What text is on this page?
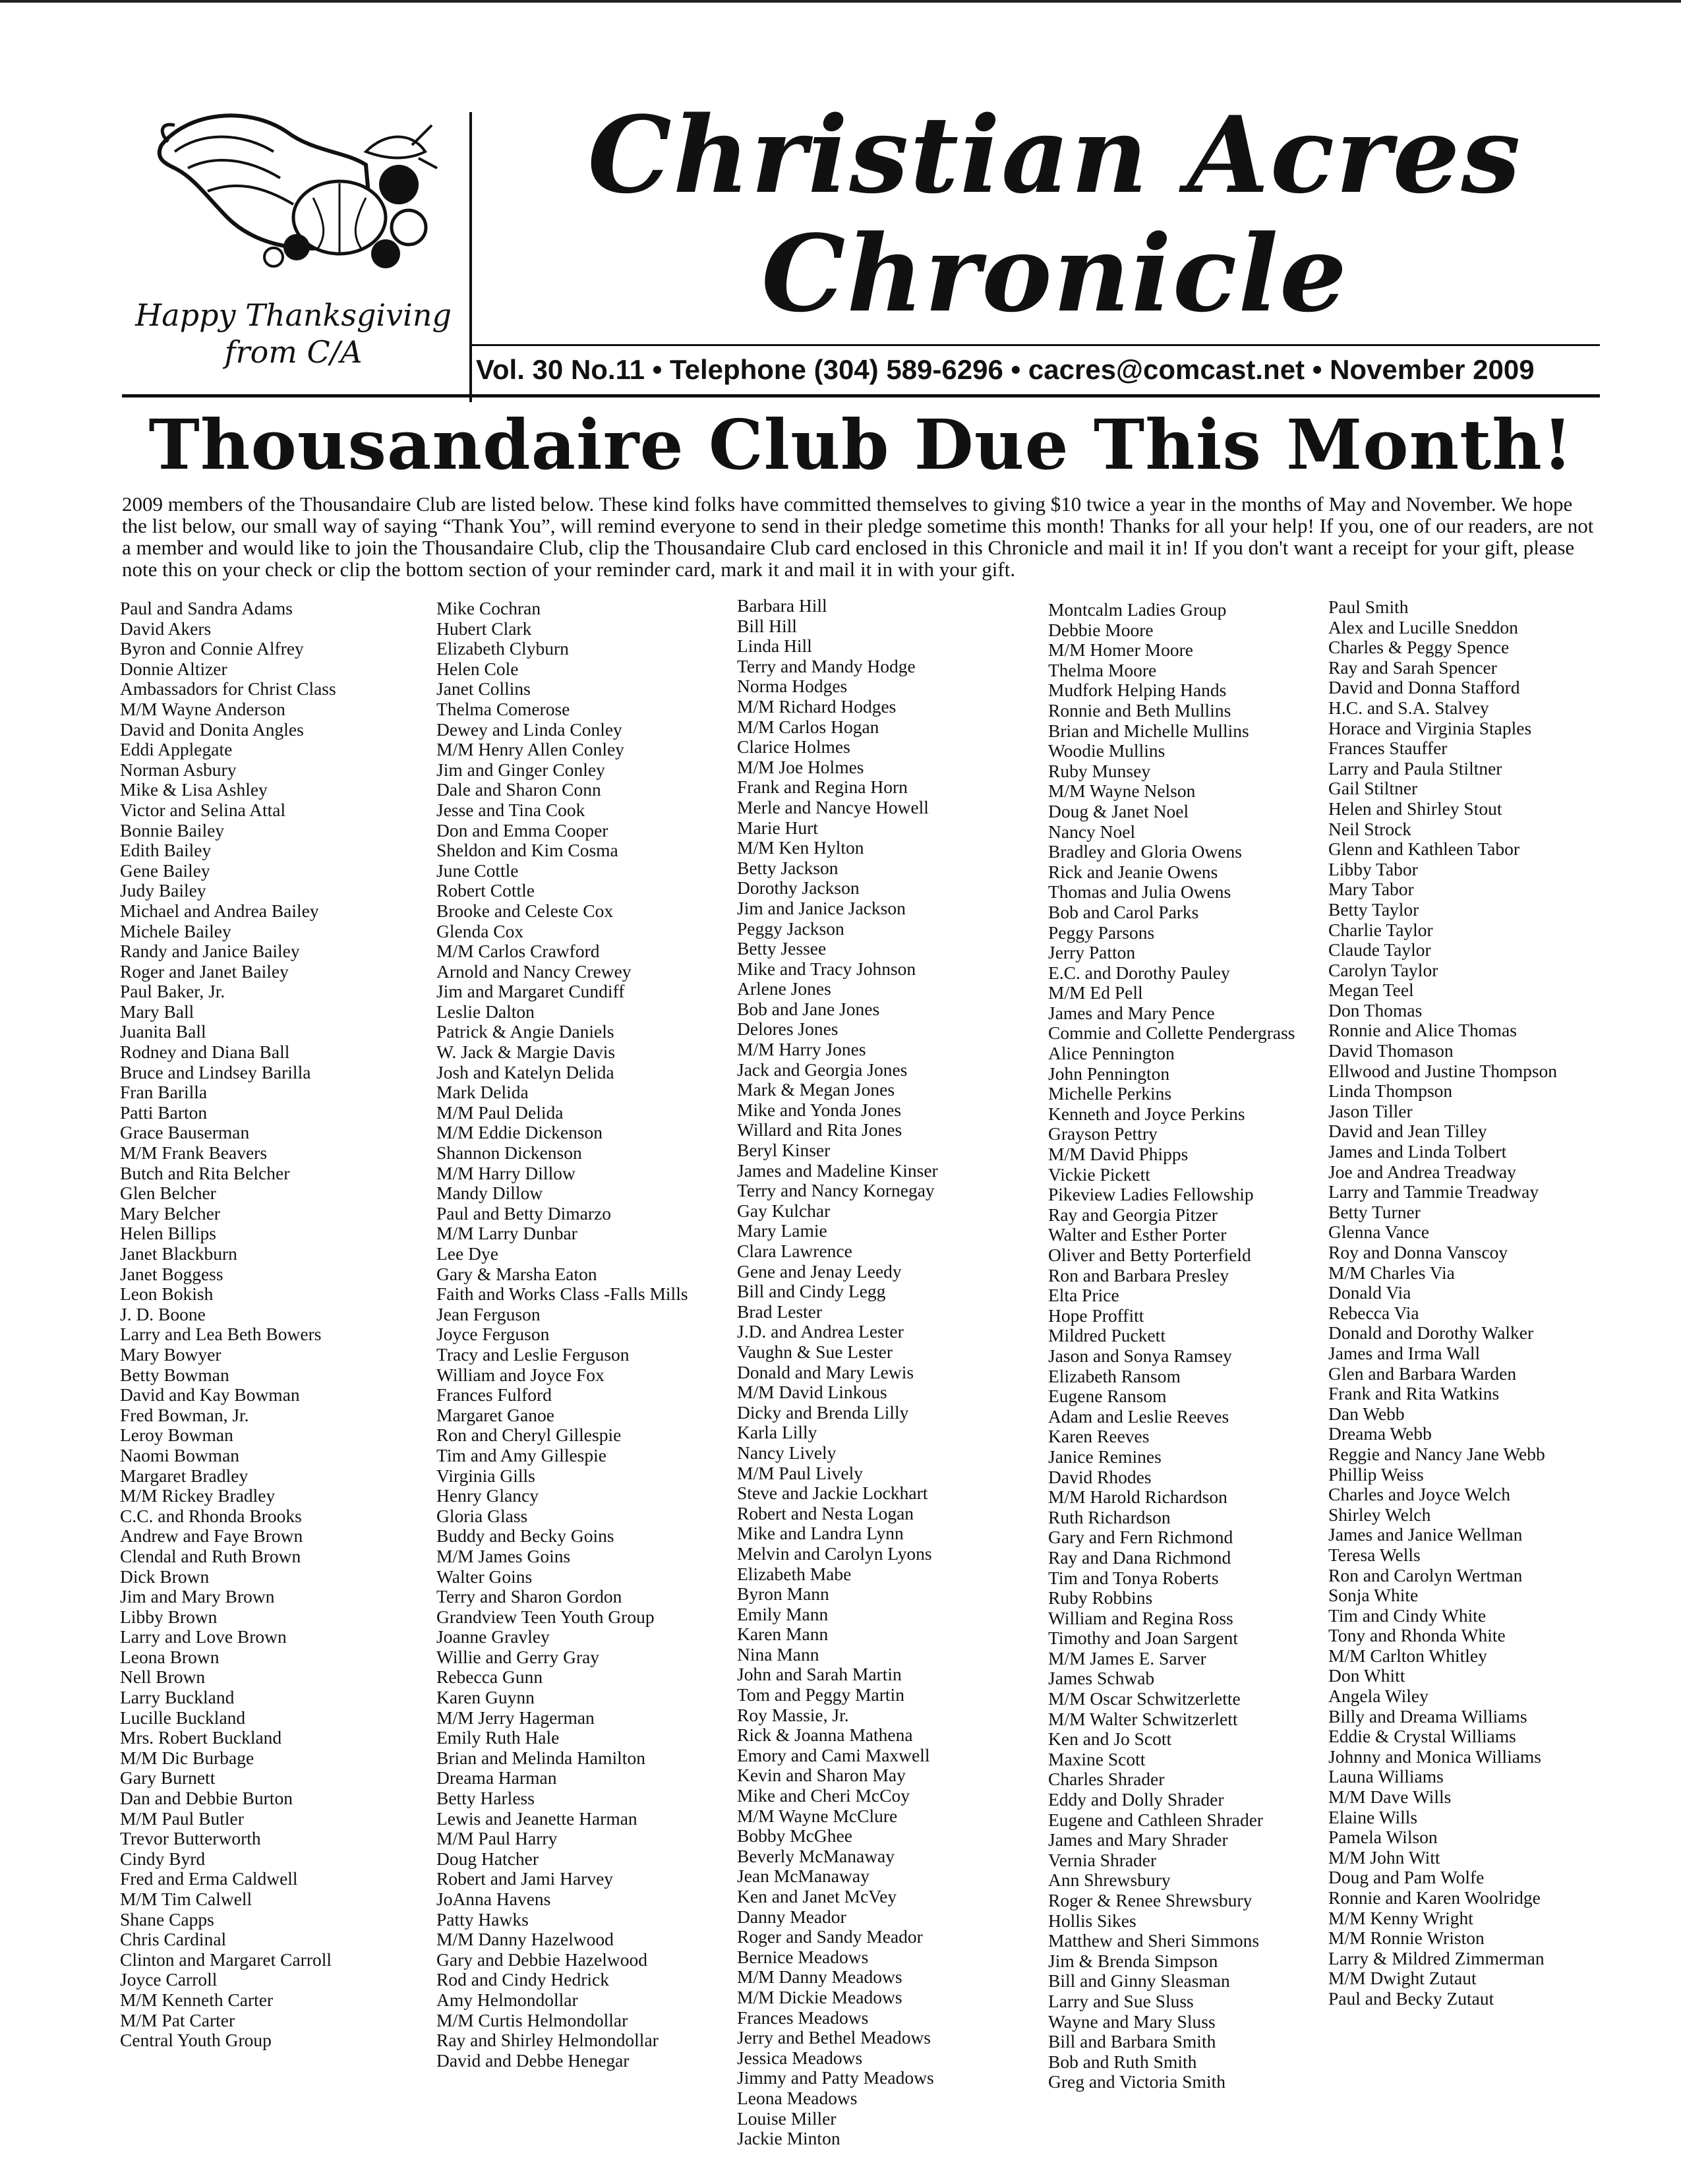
Happy Thanksgiving
from C/A
Christian Acres
Chronicle
Vol. 30 No.11 • Telephone (304) 589-6296 • cacres@comcast.net • November 2009
Thousandaire Club Due This Month!

2009 members of the Thousandaire Club are listed below. These kind folks have committed themselves to giving $10 twice a year in the months of May and November. We hope the list below, our small way of saying “Thank You”, will remind everyone to send in their pledge sometime this month! Thanks for all your help! If you, one of our readers, are not a member and would like to join the Thousandaire Club, clip the Thousandaire Club card enclosed in this Chronicle and mail it in! If you don't want a receipt for your gift, please note this on your check or clip the bottom section of your reminder card, mark it and mail it in with your gift.

Paul and Sandra Adams
David Akers
Byron and Connie Alfrey
Donnie Altizer
Ambassadors for Christ Class
M/M Wayne Anderson
David and Donita Angles
Eddi Applegate
Norman Asbury
Mike & Lisa Ashley
Victor and Selina Attal
Bonnie Bailey
Edith Bailey
Gene Bailey
Judy Bailey
Michael and Andrea Bailey
Michele Bailey
Randy and Janice Bailey
Roger and Janet Bailey
Paul Baker, Jr.
Mary Ball
Juanita Ball
Rodney and Diana Ball
Bruce and Lindsey Barilla
Fran Barilla
Patti Barton
Grace Bauserman
M/M Frank Beavers
Butch and Rita Belcher
Glen Belcher
Mary Belcher
Helen Billips
Janet Blackburn
Janet Boggess
Leon Bokish
J. D. Boone
Larry and Lea Beth Bowers
Mary Bowyer
Betty Bowman
David and Kay Bowman
Fred Bowman, Jr.
Leroy Bowman
Naomi Bowman
Margaret Bradley
M/M Rickey Bradley
C.C. and Rhonda Brooks
Andrew and Faye Brown
Clendal and Ruth Brown
Dick Brown
Jim and Mary Brown
Libby Brown
Larry and Love Brown
Leona Brown
Nell Brown
Larry Buckland
Lucille Buckland
Mrs. Robert Buckland
M/M Dic Burbage
Gary Burnett
Dan and Debbie Burton
M/M Paul Butler
Trevor Butterworth
Cindy Byrd
Fred and Erma Caldwell
M/M Tim Calwell
Shane Capps
Chris Cardinal
Clinton and Margaret Carroll
Joyce Carroll
M/M Kenneth Carter
M/M Pat Carter
Central Youth Group
Mike Cochran
Hubert Clark
Elizabeth Clyburn
Helen Cole
Janet Collins
Thelma Comerose
Dewey and Linda Conley
M/M Henry Allen Conley
Jim and Ginger Conley
Dale and Sharon Conn
Jesse and Tina Cook
Don and Emma Cooper
Sheldon and Kim Cosma
June Cottle
Robert Cottle
Brooke and Celeste Cox
Glenda Cox
M/M Carlos Crawford
Arnold and Nancy Crewey
Jim and Margaret Cundiff
Leslie Dalton
Patrick & Angie Daniels
W. Jack & Margie Davis
Josh and Katelyn Delida
Mark Delida
M/M Paul Delida
M/M Eddie Dickenson
Shannon Dickenson
M/M Harry Dillow
Mandy Dillow
Paul and Betty Dimarzo
M/M Larry Dunbar
Lee Dye
Gary & Marsha Eaton
Faith and Works Class -Falls Mills
Jean Ferguson
Joyce Ferguson
Tracy and Leslie Ferguson
William and Joyce Fox
Frances Fulford
Margaret Ganoe
Ron and Cheryl Gillespie
Tim and Amy Gillespie
Virginia Gills
Henry Glancy
Gloria Glass
Buddy and Becky Goins
M/M James Goins
Walter Goins
Terry and Sharon Gordon
Grandview Teen Youth Group
Joanne Gravley
Willie and Gerry Gray
Rebecca Gunn
Karen Guynn
M/M Jerry Hagerman
Emily Ruth Hale
Brian and Melinda Hamilton
Dreama Harman
Betty Harless
Lewis and Jeanette Harman
M/M Paul Harry
Doug Hatcher
Robert and Jami Harvey
JoAnna Havens
Patty Hawks
M/M Danny Hazelwood
Gary and Debbie Hazelwood
Rod and Cindy Hedrick
Amy Helmondollar
M/M Curtis Helmondollar
Ray and Shirley Helmondollar
David and Debbe Henegar
Barbara Hill
Bill Hill
Linda Hill
Terry and Mandy Hodge
Norma Hodges
M/M Richard Hodges
M/M Carlos Hogan
Clarice Holmes
M/M Joe Holmes
Frank and Regina Horn
Merle and Nancye Howell
Marie Hurt
M/M Ken Hylton
Betty Jackson
Dorothy Jackson
Jim and Janice Jackson
Peggy Jackson
Betty Jessee
Mike and Tracy Johnson
Arlene Jones
Bob and Jane Jones
Delores Jones
M/M Harry Jones
Jack and Georgia Jones
Mark & Megan Jones
Mike and Yonda Jones
Willard and Rita Jones
Beryl Kinser
James and Madeline Kinser
Terry and Nancy Kornegay
Gay Kulchar
Mary Lamie
Clara Lawrence
Gene and Jenay Leedy
Bill and Cindy Legg
Brad Lester
J.D. and Andrea Lester
Vaughn & Sue Lester
Donald and Mary Lewis
M/M David Linkous
Dicky and Brenda Lilly
Karla Lilly
Nancy Lively
M/M Paul Lively
Steve and Jackie Lockhart
Robert and Nesta Logan
Mike and Landra Lynn
Melvin and Carolyn Lyons
Elizabeth Mabe
Byron Mann
Emily Mann
Karen Mann
Nina Mann
John and Sarah Martin
Tom and Peggy Martin
Roy Massie, Jr.
Rick & Joanna Mathena
Emory and Cami Maxwell
Kevin and Sharon May
Mike and Cheri McCoy
M/M Wayne McClure
Bobby McGhee
Beverly McManaway
Jean McManaway
Ken and Janet McVey
Danny Meador
Roger and Sandy Meador
Bernice Meadows
M/M Danny Meadows
M/M Dickie Meadows
Frances Meadows
Jerry and Bethel Meadows
Jessica Meadows
Jimmy and Patty Meadows
Leona Meadows
Louise Miller
Jackie Minton
Montcalm Ladies Group
Debbie Moore
M/M Homer Moore
Thelma Moore
Mudfork Helping Hands
Ronnie and Beth Mullins
Brian and Michelle Mullins
Woodie Mullins
Ruby Munsey
M/M Wayne Nelson
Doug & Janet Noel
Nancy Noel
Bradley and Gloria Owens
Rick and Jeanie Owens
Thomas and Julia Owens
Bob and Carol Parks
Peggy Parsons
Jerry Patton
E.C. and Dorothy Pauley
M/M Ed Pell
James and Mary Pence
Commie and Collette Pendergrass
Alice Pennington
John Pennington
Michelle Perkins
Kenneth and Joyce Perkins
Grayson Pettry
M/M David Phipps
Vickie Pickett
Pikeview Ladies Fellowship
Ray and Georgia Pitzer
Walter and Esther Porter
Oliver and Betty Porterfield
Ron and Barbara Presley
Elta Price
Hope Proffitt
Mildred Puckett
Jason and Sonya Ramsey
Elizabeth Ransom
Eugene Ransom
Adam and Leslie Reeves
Karen Reeves
Janice Remines
David Rhodes
M/M Harold Richardson
Ruth Richardson
Gary and Fern Richmond
Ray and Dana Richmond
Tim and Tonya Roberts
Ruby Robbins
William and Regina Ross
Timothy and Joan Sargent
M/M James E. Sarver
James Schwab
M/M Oscar Schwitzerlette
M/M Walter Schwitzerlett
Ken and Jo Scott
Maxine Scott
Charles Shrader
Eddy and Dolly Shrader
Eugene and Cathleen Shrader
James and Mary Shrader
Vernia Shrader
Ann Shrewsbury
Roger & Renee Shrewsbury
Hollis Sikes
Matthew and Sheri Simmons
Jim & Brenda Simpson
Bill and Ginny Sleasman
Larry and Sue Sluss
Wayne and Mary Sluss
Bill and Barbara Smith
Bob and Ruth Smith
Greg and Victoria Smith
Paul Smith
Alex and Lucille Sneddon
Charles & Peggy Spence
Ray and Sarah Spencer
David and Donna Stafford
H.C. and S.A. Stalvey
Horace and Virginia Staples
Frances Stauffer
Larry and Paula Stiltner
Gail Stiltner
Helen and Shirley Stout
Neil Strock
Glenn and Kathleen Tabor
Libby Tabor
Mary Tabor
Betty Taylor
Charlie Taylor
Claude Taylor
Carolyn Taylor
Megan Teel
Don Thomas
Ronnie and Alice Thomas
David Thomason
Ellwood and Justine Thompson
Linda Thompson
Jason Tiller
David and Jean Tilley
James and Linda Tolbert
Joe and Andrea Treadway
Larry and Tammie Treadway
Betty Turner
Glenna Vance
Roy and Donna Vanscoy
M/M Charles Via
Donald Via
Rebecca Via
Donald and Dorothy Walker
James and Irma Wall
Glen and Barbara Warden
Frank and Rita Watkins
Dan Webb
Dreama Webb
Reggie and Nancy Jane Webb
Phillip Weiss
Charles and Joyce Welch
Shirley Welch
James and Janice Wellman
Teresa Wells
Ron and Carolyn Wertman
Sonja White
Tim and Cindy White
Tony and Rhonda White
M/M Carlton Whitley
Don Whitt
Angela Wiley
Billy and Dreama Williams
Eddie & Crystal Williams
Johnny and Monica Williams
Launa Williams
M/M Dave Wills
Elaine Wills
Pamela Wilson
M/M John Witt
Doug and Pam Wolfe
Ronnie and Karen Woolridge
M/M Kenny Wright
M/M Ronnie Wriston
Larry & Mildred Zimmerman
M/M Dwight Zutaut
Paul and Becky Zutaut
